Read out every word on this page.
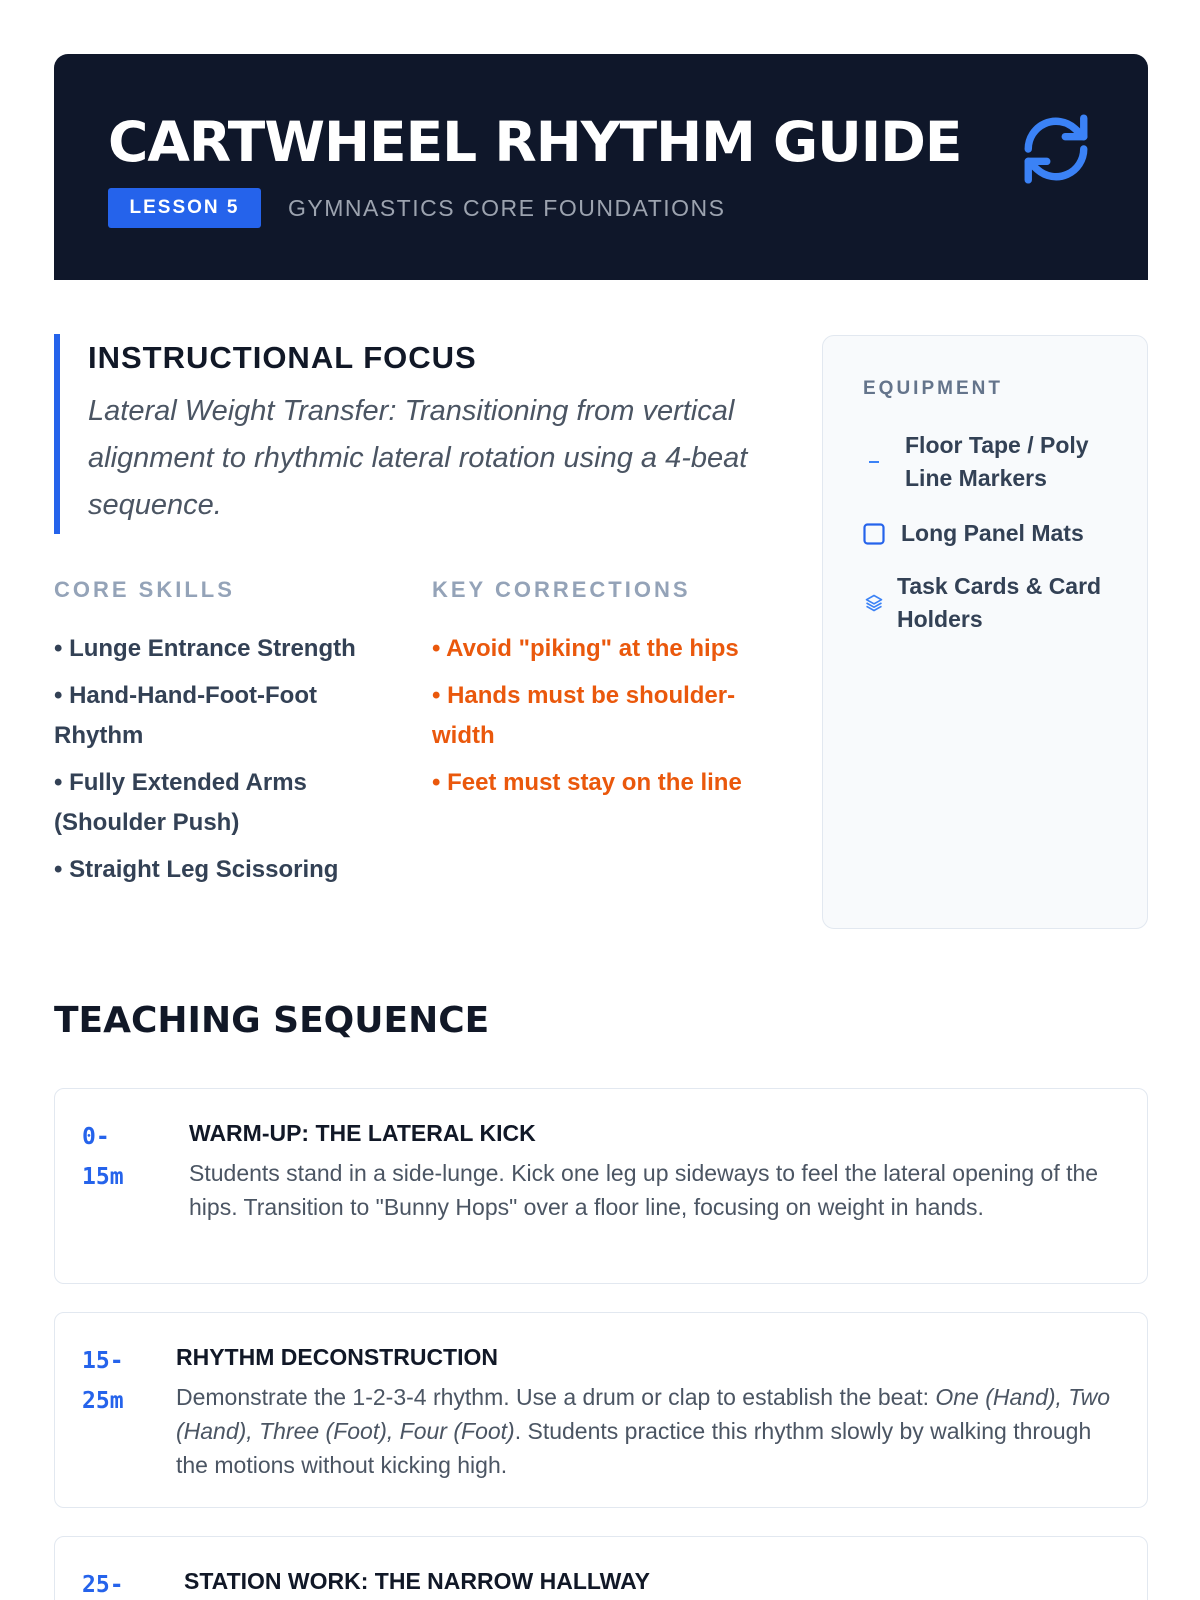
CARTWHEEL RHYTHM GUIDE
LESSON 5	GYMNASTICS CORE FOUNDATIONS
INSTRUCTIONAL FOCUS
Lateral Weight Transfer: Transitioning from vertical alignment to rhythmic lateral rotation using a 4-beat sequence.
CORE SKILLS
• Lunge Entrance Strength
• Hand-Hand-Foot-Foot Rhythm
• Fully Extended Arms (Shoulder Push)
• Straight Leg Scissoring
KEY CORRECTIONS
• Avoid "piking" at the hips
• Hands must be shoulder-width
• Feet must stay on the line
EQUIPMENT
Floor Tape / Poly Line Markers
Long Panel Mats
Task Cards & Card Holders
TEACHING SEQUENCE
0-15m
WARM-UP: THE LATERAL KICK
Students stand in a side-lunge. Kick one leg up sideways to feel the lateral opening of the hips. Transition to "Bunny Hops" over a floor line, focusing on weight in hands.
15-25m
RHYTHM DECONSTRUCTION
Demonstrate the 1-2-3-4 rhythm. Use a drum or clap to establish the beat: One (Hand), Two (Hand), Three (Foot), Four (Foot). Students practice this rhythm slowly by walking through the motions without kicking high.
25-	STATION WORK: THE NARROW HALLWAY
